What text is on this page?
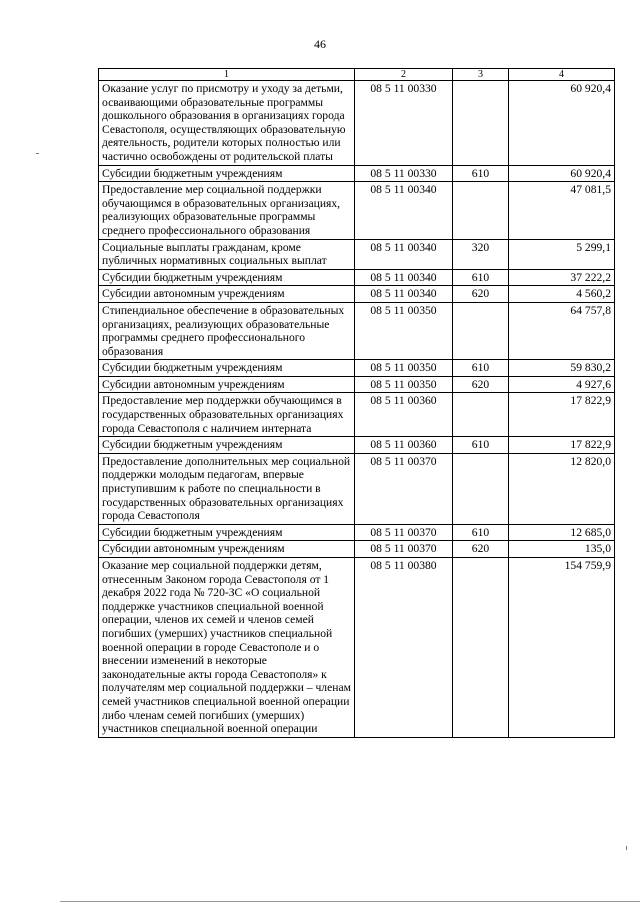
46
1	2	3	4
Оказание услуг по присмотру и уходу за детьми, осваивающими образовательные программы дошкольного образования в организациях города Севастополя, осуществляющих образовательную деятельность, родители которых полностью или частично освобождены от родительской платы	08 5 11 00330		60 920,4
Субсидии бюджетным учреждениям	08 5 11 00330	610	60 920,4
Предоставление мер социальной поддержки обучающимся в образовательных организациях, реализующих образовательные программы среднего профессионального образования	08 5 11 00340		47 081,5
Социальные выплаты гражданам, кроме публичных нормативных социальных выплат	08 5 11 00340	320	5 299,1
Субсидии бюджетным учреждениям	08 5 11 00340	610	37 222,2
Субсидии автономным учреждениям	08 5 11 00340	620	4 560,2
Стипендиальное обеспечение в образовательных организациях, реализующих образовательные программы среднего профессионального образования	08 5 11 00350		64 757,8
Субсидии бюджетным учреждениям	08 5 11 00350	610	59 830,2
Субсидии автономным учреждениям	08 5 11 00350	620	4 927,6
Предоставление мер поддержки обучающимся в государственных образовательных организациях города Севастополя с наличием интерната	08 5 11 00360		17 822,9
Субсидии бюджетным учреждениям	08 5 11 00360	610	17 822,9
Предоставление дополнительных мер социальной поддержки молодым педагогам, впервые приступившим к работе по специальности в государственных образовательных организациях города Севастополя	08 5 11 00370		12 820,0
Субсидии бюджетным учреждениям	08 5 11 00370	610	12 685,0
Субсидии автономным учреждениям	08 5 11 00370	620	135,0
Оказание мер социальной поддержки детям, отнесенным Законом города Севастополя от 1 декабря 2022 года № 720-ЗС «О социальной поддержке участников специальной военной операции, членов их семей и членов семей погибших (умерших) участников специальной военной операции в городе Севастополе и о внесении изменений в некоторые законодательные акты города Севастополя» к получателям мер социальной поддержки – членам семей участников специальной военной операции либо членам семей погибших (умерших) участников специальной военной операции	08 5 11 00380		154 759,9
